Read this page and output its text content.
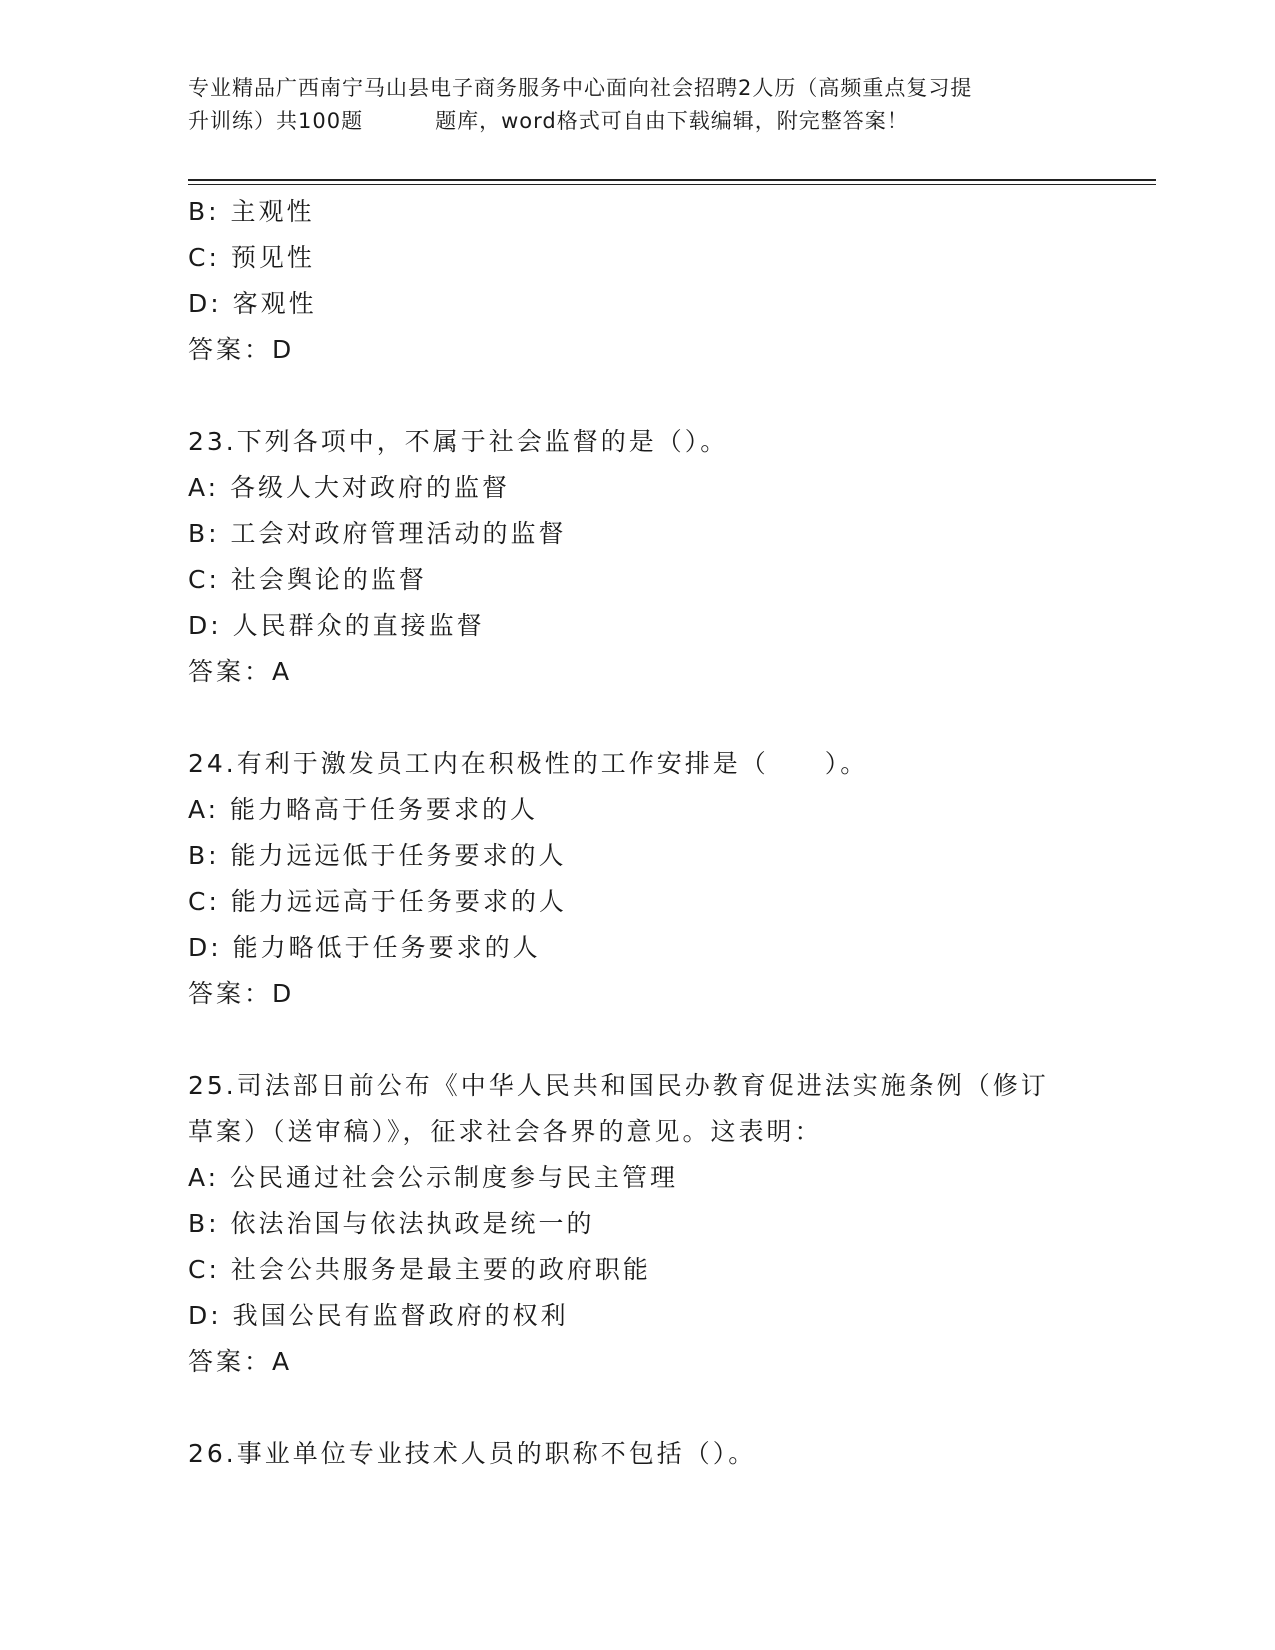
专业精品广西南宁马山县电子商务服务中心面向社会招聘2人历（高频重点复习提
升训练）共100题	题库，word格式可自由下载编辑，附完整答案！
B: 主观性
C: 预见性
D: 客观性
答案：D
23.下列各项中，不属于社会监督的是（）。
A: 各级人大对政府的监督
B: 工会对政府管理活动的监督
C: 社会舆论的监督
D: 人民群众的直接监督
答案：A
24.有利于激发员工内在积极性的工作安排是（　　）。
A: 能力略高于任务要求的人
B: 能力远远低于任务要求的人
C: 能力远远高于任务要求的人
D: 能力略低于任务要求的人
答案：D
25.司法部日前公布《中华人民共和国民办教育促进法实施条例（修订
草案）（送审稿）》，征求社会各界的意见。这表明：
A: 公民通过社会公示制度参与民主管理
B: 依法治国与依法执政是统一的
C: 社会公共服务是最主要的政府职能
D: 我国公民有监督政府的权利
答案：A
26.事业单位专业技术人员的职称不包括（）。
